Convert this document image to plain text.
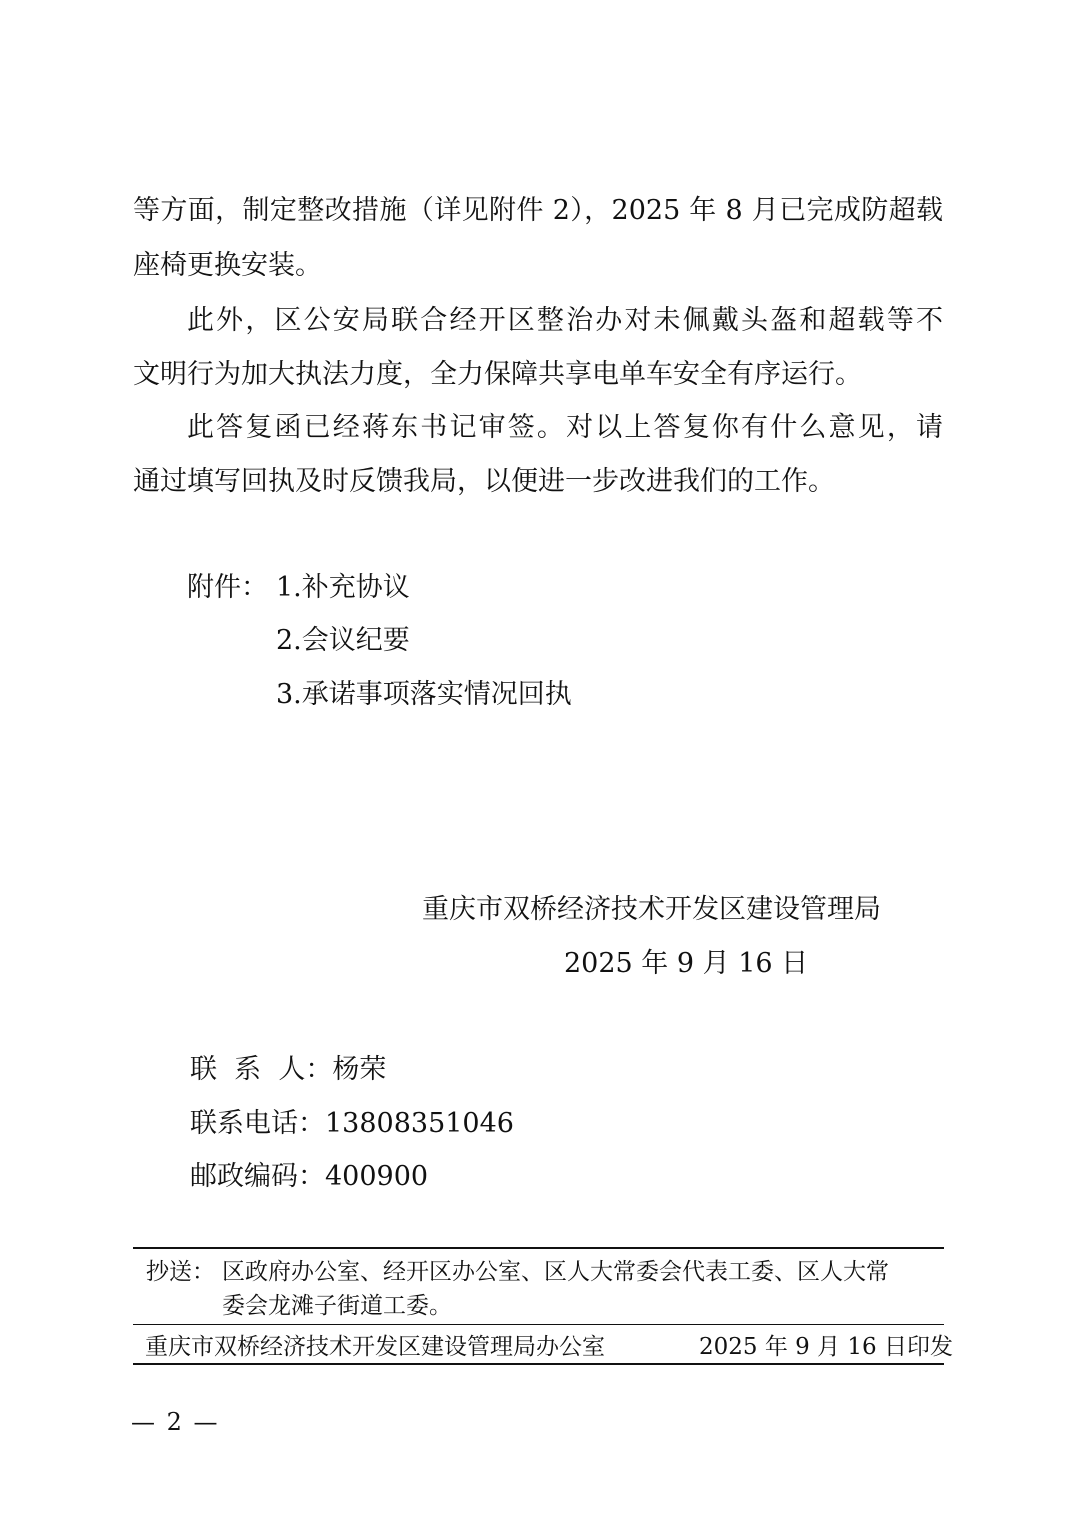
等方面，制定整改措施（详见附件 2），2025 年 8 月已完成防超载
座椅更换安装。
此外，区公安局联合经开区整治办对未佩戴头盔和超载等不
文明行为加大执法力度，全力保障共享电单车安全有序运行。
此答复函已经蒋东书记审签。对以上答复你有什么意见，请
通过填写回执及时反馈我局，以便进一步改进我们的工作。
附件： 1.补充协议
2.会议纪要
3.承诺事项落实情况回执
重庆市双桥经济技术开发区建设管理局
2025 年 9 月 16 日
联  系  人：杨荣
联系电话：13808351046
邮政编码：400900
抄送： 区政府办公室、经开区办公室、区人大常委会代表工委、区人大常
委会龙滩子街道工委。
重庆市双桥经济技术开发区建设管理局办公室	2025 年 9 月 16 日印发
— 2 —
